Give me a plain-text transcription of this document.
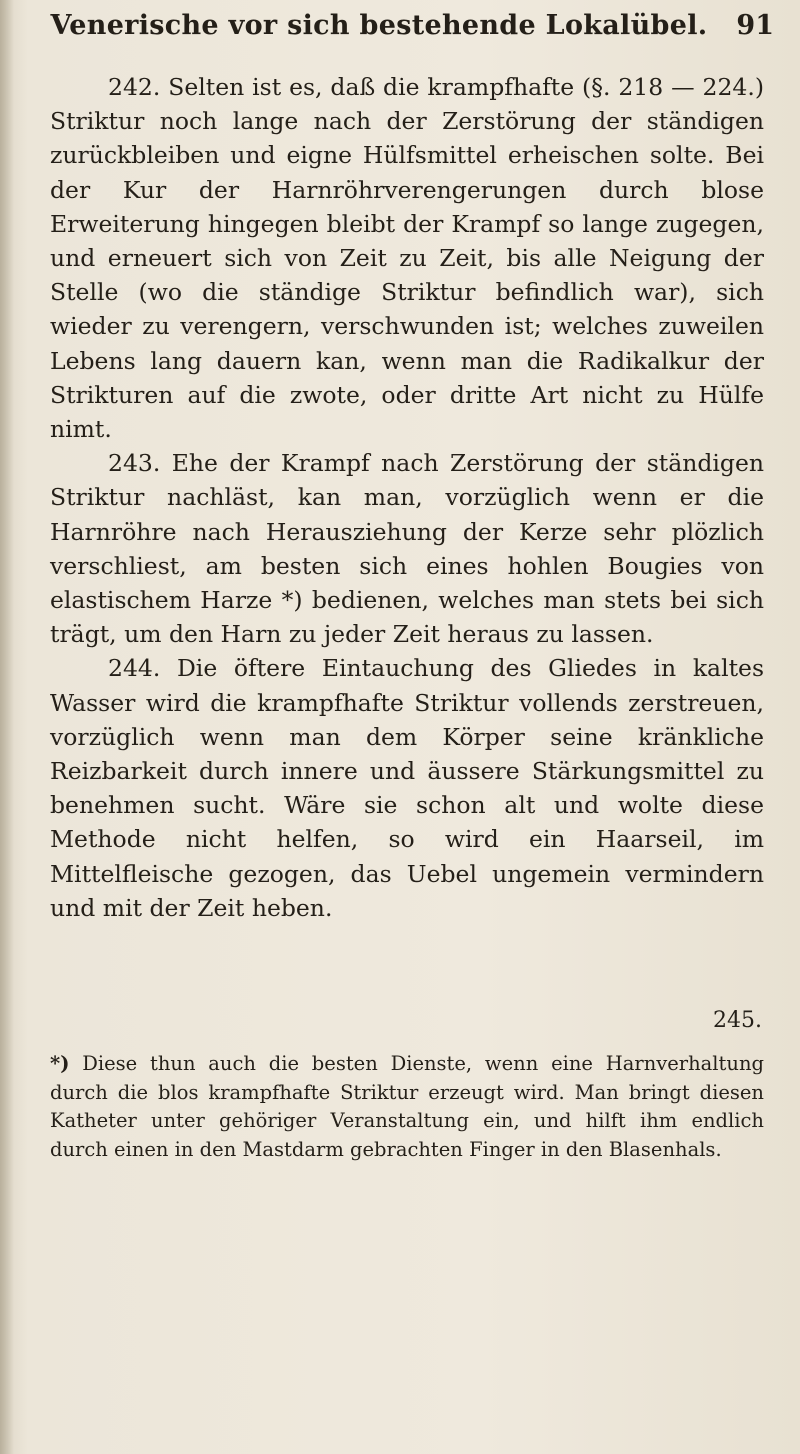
Venerische vor sich bestehende Lokalübel.	91

242. Selten ist es, daß die krampfhafte (§. 218 — 224.) Striktur noch lange nach der Zerstörung der ständigen zurückbleiben und eigne Hülfsmittel erheischen solte. Bei der Kur der Harnröhrverengerungen durch blose Erweiterung hingegen bleibt der Krampf so lange zugegen, und erneuert sich von Zeit zu Zeit, bis alle Neigung der Stelle (wo die ständige Striktur befindlich war), sich wieder zu verengern, verschwunden ist; welches zuweilen Lebens lang dauern kan, wenn man die Radikalkur der Strikturen auf die zwote, oder dritte Art nicht zu Hülfe nimt.

243. Ehe der Krampf nach Zerstörung der ständigen Striktur nachläst, kan man, vorzüglich wenn er die Harnröhre nach Herausziehung der Kerze sehr plözlich verschliest, am besten sich eines hohlen Bougies von elastischem Harze *) bedienen, welches man stets bei sich trägt, um den Harn zu jeder Zeit heraus zu lassen.

244. Die öftere Eintauchung des Gliedes in kaltes Wasser wird die krampfhafte Striktur vollends zerstreuen, vorzüglich wenn man dem Körper seine kränkliche Reizbarkeit durch innere und äussere Stärkungsmittel zu benehmen sucht. Wäre sie schon alt und wolte diese Methode nicht helfen, so wird ein Haarseil, im Mittelfleische gezogen, das Uebel ungemein vermindern und mit der Zeit heben.

245.
*) Diese thun auch die besten Dienste, wenn eine Harnverhaltung durch die blos krampfhafte Striktur erzeugt wird. Man bringt diesen Katheter unter gehöriger Veranstaltung ein, und hilft ihm endlich durch einen in den Mastdarm gebrachten Finger in den Blasenhals.
